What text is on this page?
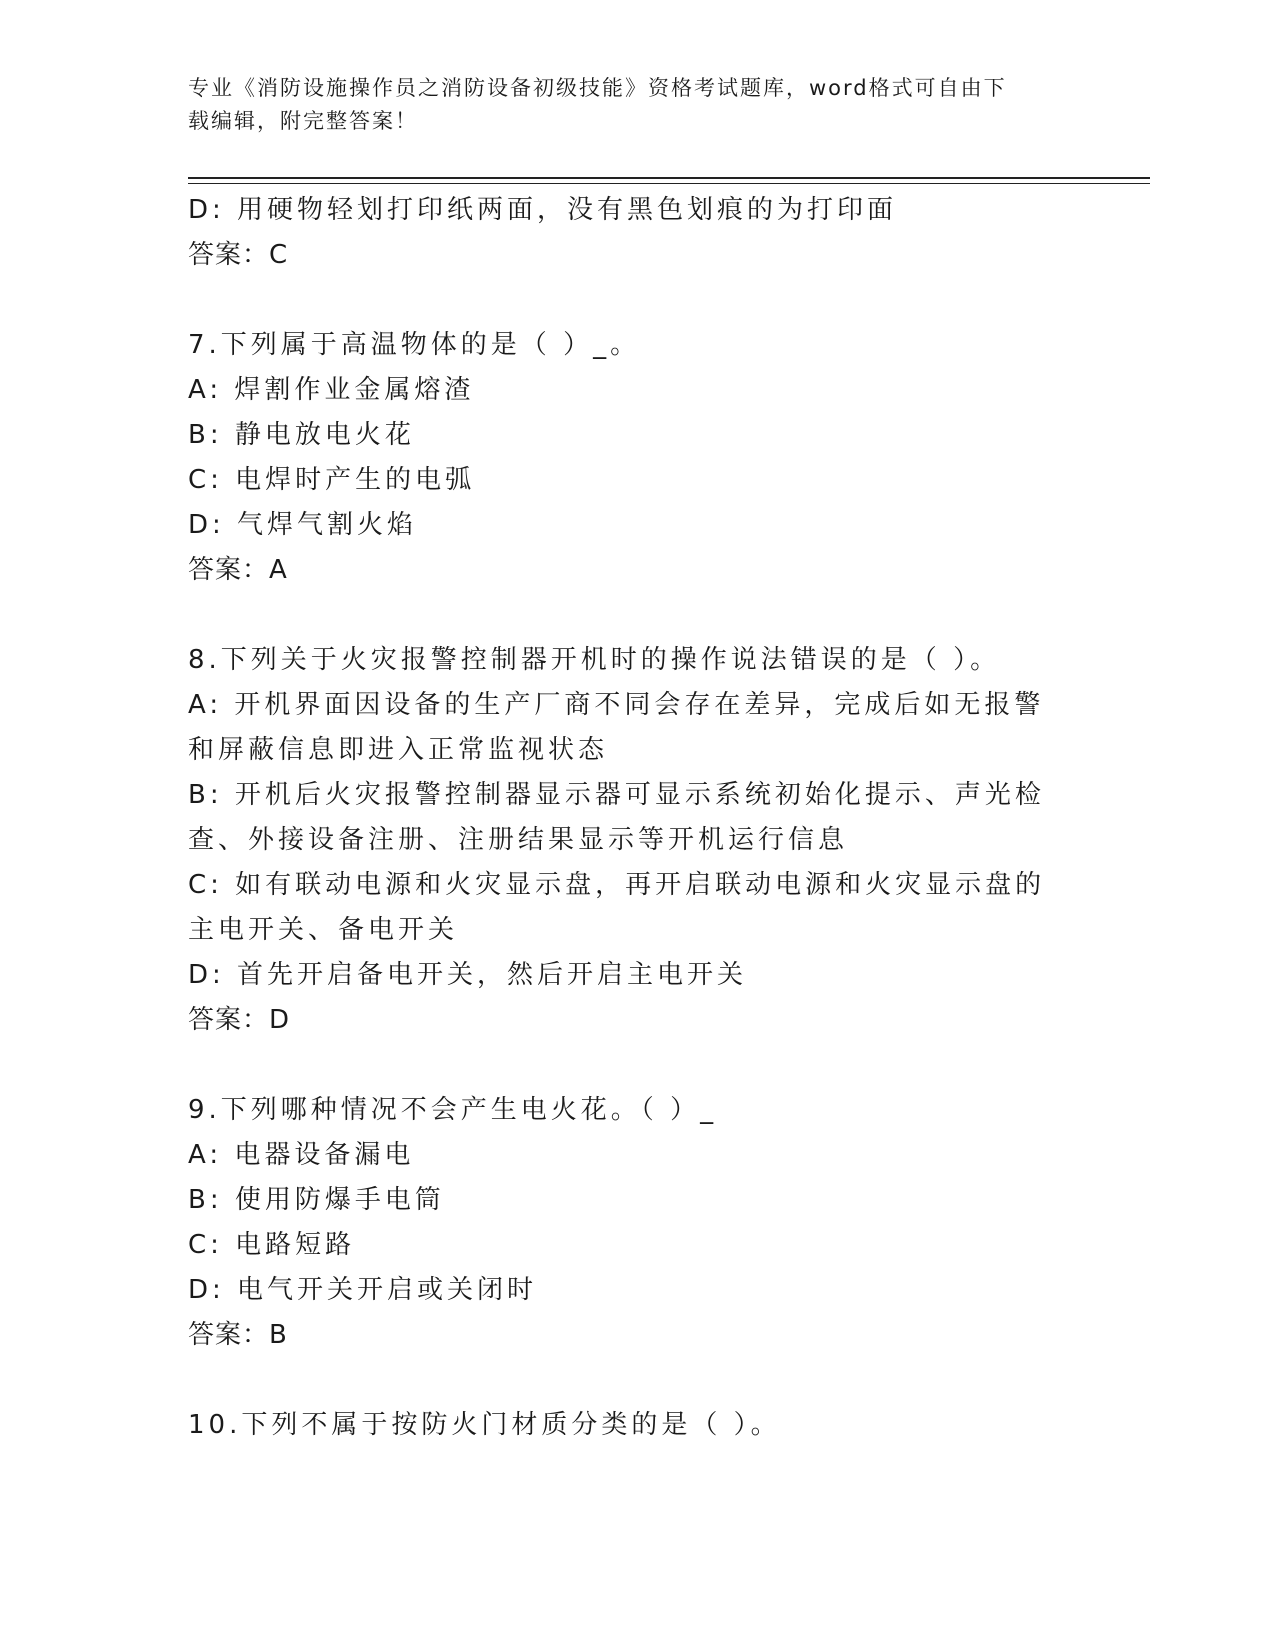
专业《消防设施操作员之消防设备初级技能》资格考试题库，word格式可自由下
载编辑，附完整答案！
D: 用硬物轻划打印纸两面，没有黑色划痕的为打印面
答案：C
7.下列属于高温物体的是（ ）_。
A: 焊割作业金属熔渣
B: 静电放电火花
C: 电焊时产生的电弧
D: 气焊气割火焰
答案：A
8.下列关于火灾报警控制器开机时的操作说法错误的是（ ）。
A: 开机界面因设备的生产厂商不同会存在差异，完成后如无报警和屏蔽信息即进入正常监视状态
B: 开机后火灾报警控制器显示器可显示系统初始化提示、声光检查、外接设备注册、注册结果显示等开机运行信息
C: 如有联动电源和火灾显示盘，再开启联动电源和火灾显示盘的主电开关、备电开关
D: 首先开启备电开关，然后开启主电开关
答案：D
9.下列哪种情况不会产生电火花。（ ）_
A: 电器设备漏电
B: 使用防爆手电筒
C: 电路短路
D: 电气开关开启或关闭时
答案：B
10.下列不属于按防火门材质分类的是（ ）。
